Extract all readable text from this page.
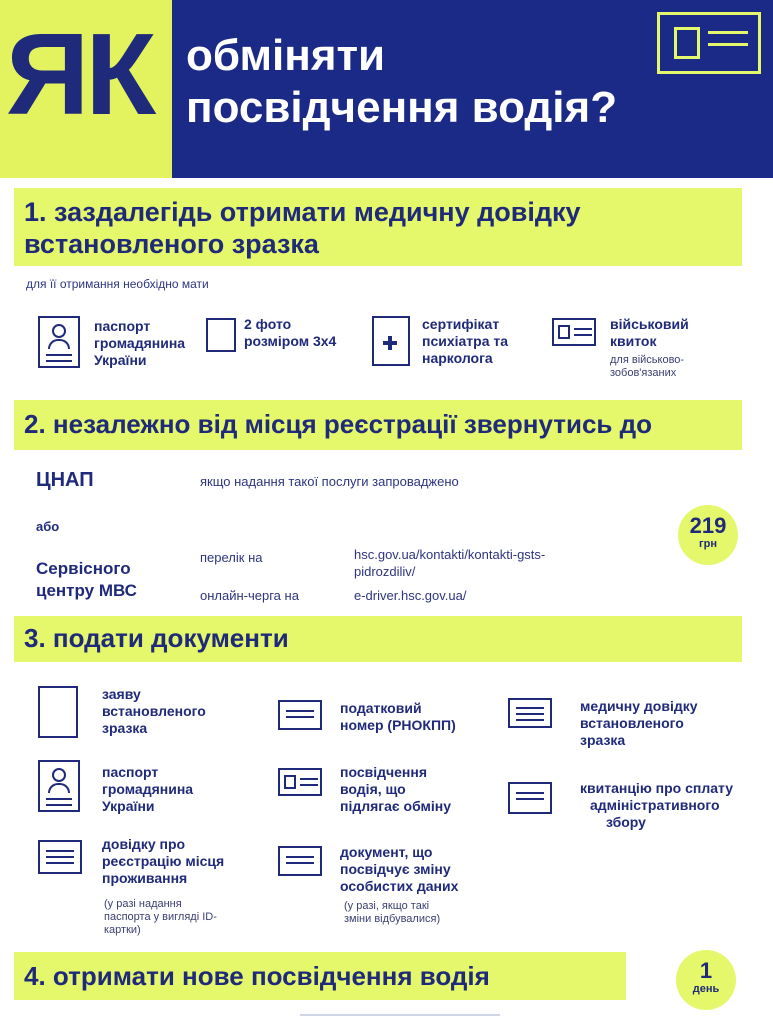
ЯК обміняти
посвідчення водія?
1. заздалегідь отримати медичну довідку
встановленого зразка
для її отримання необхідно мати
паспорт
громадянина
України
2 фото
розміром 3х4
сертифікат
психіатра та
нарколога
військовий
квиток
для військово-
зобов'язаних
2. незалежно від місця реєстрації звернутись до
ЦНАП	якщо надання такої послуги запроваджено
або
Сервісного
центру МВС
перелік на	hsc.gov.ua/kontakti/kontakti-gsts-
pidrozdiliv/
онлайн-черга на	e-driver.hsc.gov.ua/
219
грн
3. подати документи
заяву
встановленого
зразка
паспорт
громадянина
України
довідку про
реєстрацію місця
проживання
(у разі надання
паспорта у вигляді ID-
картки)
податковий
номер (РНОКПП)
посвідчення
водія, що
підлягає обміну
документ, що
посвідчує зміну
особистих даних
(у разі, якщо такі
зміни відбувалися)
медичну довідку
встановленого
зразка
квитанцію про сплату
адміністративного
збору
4. отримати нове посвідчення водія	1
день
